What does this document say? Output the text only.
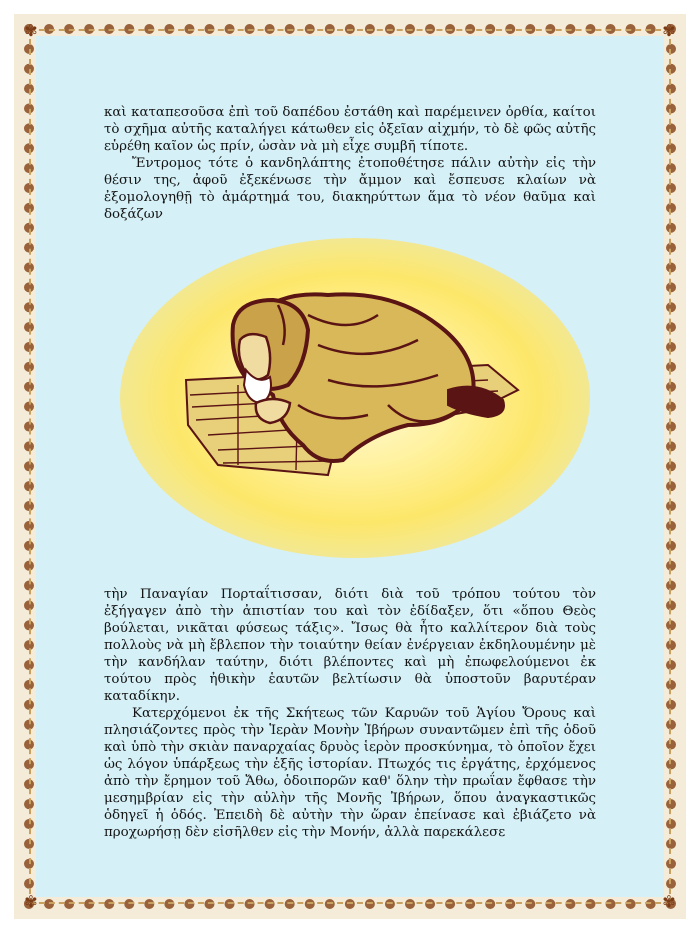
✾	✾
✾	✾

καὶ καταπεσοῦσα ἐπὶ τοῦ δαπέδου ἐστάθη καὶ παρέμεινεν ὀρθία, καίτοι τὸ σχῆμα αὐτῆς καταλήγει κάτωθεν εἰς ὀξεῖαν αἰχμήν, τὸ δὲ φῶς αὐτῆς εὑρέθη καῖον ὡς πρίν, ὡσὰν νὰ μὴ εἶχε συμβῆ τίποτε.

Ἔντρομος τότε ὁ κανδηλάπτης ἐτοποθέτησε πάλιν αὐτὴν εἰς τὴν θέσιν της, ἀφοῦ ἐξεκένωσε τὴν ἄμμον καὶ ἔσπευσε κλαίων νὰ ἐξομολογηθῇ τὸ ἁμάρτημά του, διακηρύττων ἅμα τὸ νέον θαῦμα καὶ δοξάζων

τὴν Παναγίαν Πορταΐτισσαν, διότι διὰ τοῦ τρόπου τούτου τὸν ἐξήγαγεν ἀπὸ τὴν ἀπιστίαν του καὶ τὸν ἐδίδαξεν, ὅτι «ὅπου Θεὸς βούλεται, νικᾶται φύσεως τάξις». Ἴσως θὰ ἦτο καλλίτερον διὰ τοὺς πολλοὺς νὰ μὴ ἔβλεπον τὴν τοιαύτην θείαν ἐνέργειαν ἐκδηλουμένην μὲ τὴν κανδήλαν ταύτην, διότι βλέποντες καὶ μὴ ἐπωφελούμενοι ἐκ τούτου πρὸς ἠθικὴν ἑαυτῶν βελτίωσιν θὰ ὑποστοῦν βαρυτέραν καταδίκην.

Κατερχόμενοι ἐκ τῆς Σκήτεως τῶν Καρυῶν τοῦ Ἁγίου Ὄρους καὶ πλησιάζοντες πρὸς τὴν Ἱερὰν Μονὴν Ἰβήρων συναντῶμεν ἐπὶ τῆς ὁδοῦ καὶ ὑπὸ τὴν σκιὰν παναρχαίας δρυὸς ἱερὸν προσκύνημα, τὸ ὁποῖον ἔχει ὡς λόγον ὑπάρξεως τὴν ἑξῆς ἱστορίαν. Πτωχός τις ἐργάτης, ἐρχόμενος ἀπὸ τὴν ἔρημον τοῦ Ἄθω, ὁδοιπορῶν καθ' ὅλην τὴν πρωΐαν ἔφθασε τὴν μεσημβρίαν εἰς τὴν αὐλὴν τῆς Μονῆς Ἰβήρων, ὅπου ἀναγκαστικῶς ὁδηγεῖ ἡ ὁδός. Ἐπειδὴ δὲ αὐτὴν τὴν ὥραν ἐπείνασε καὶ ἐβιάζετο νὰ προχωρήσῃ δὲν εἰσῆλθεν εἰς τὴν Μονήν, ἀλλὰ παρεκάλεσε
